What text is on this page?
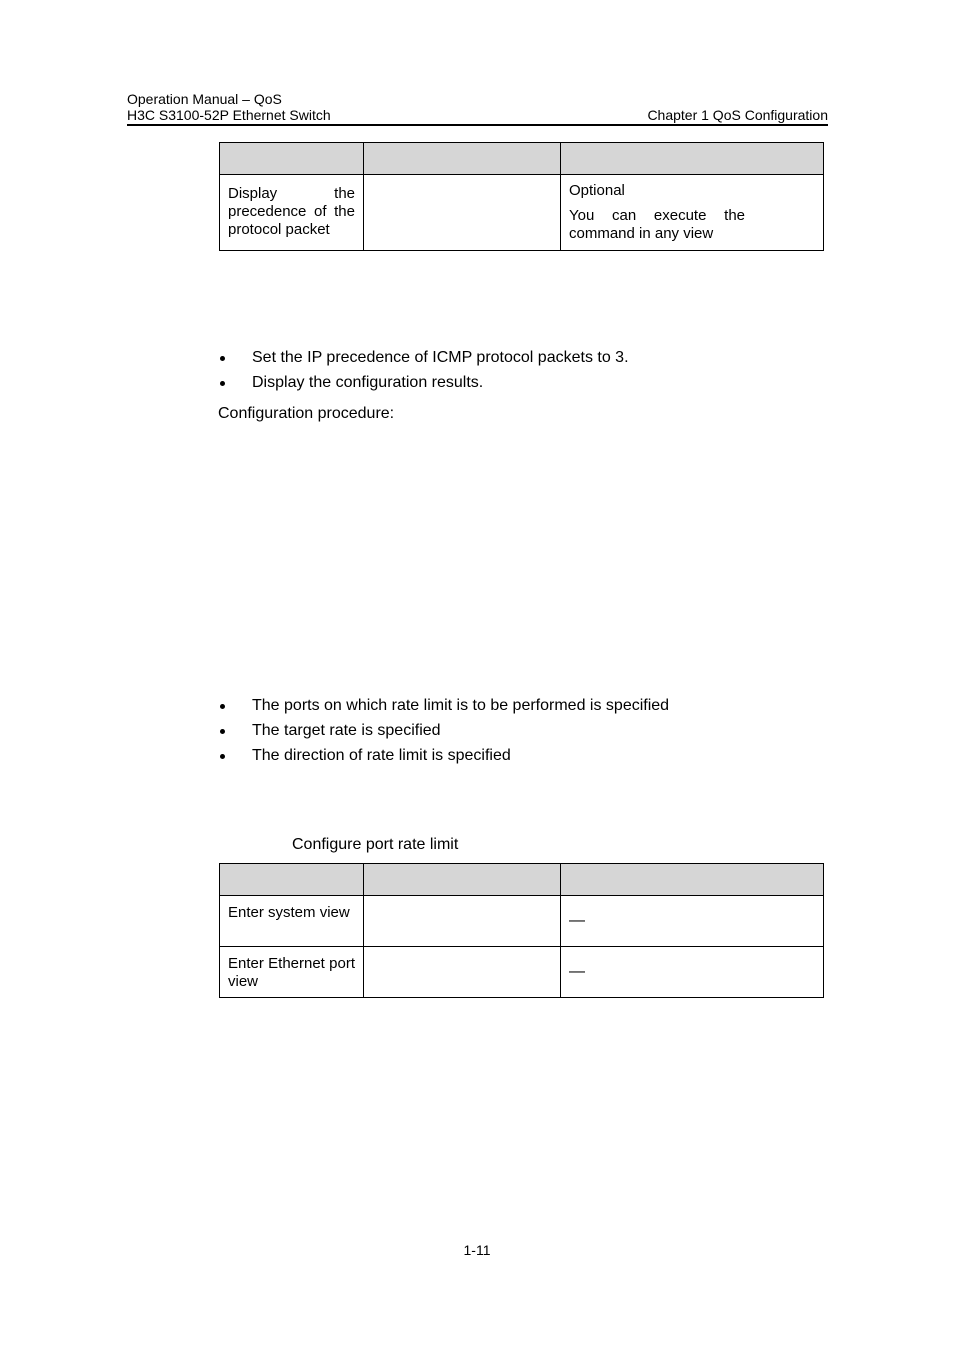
Operation Manual – QoS
H3C S3100-52P Ethernet Switch	Chapter 1 QoS Configuration

Display the precedence of the protocol packet		Optional

You can execute the command in any view

Set the IP precedence of ICMP protocol packets to 3.
Display the configuration results.
Configuration procedure:
The ports on which rate limit is to be performed is specified
The target rate is specified
The direction of rate limit is specified
Configure port rate limit

Enter system view		—

Enter Ethernet port view		—
1-11
